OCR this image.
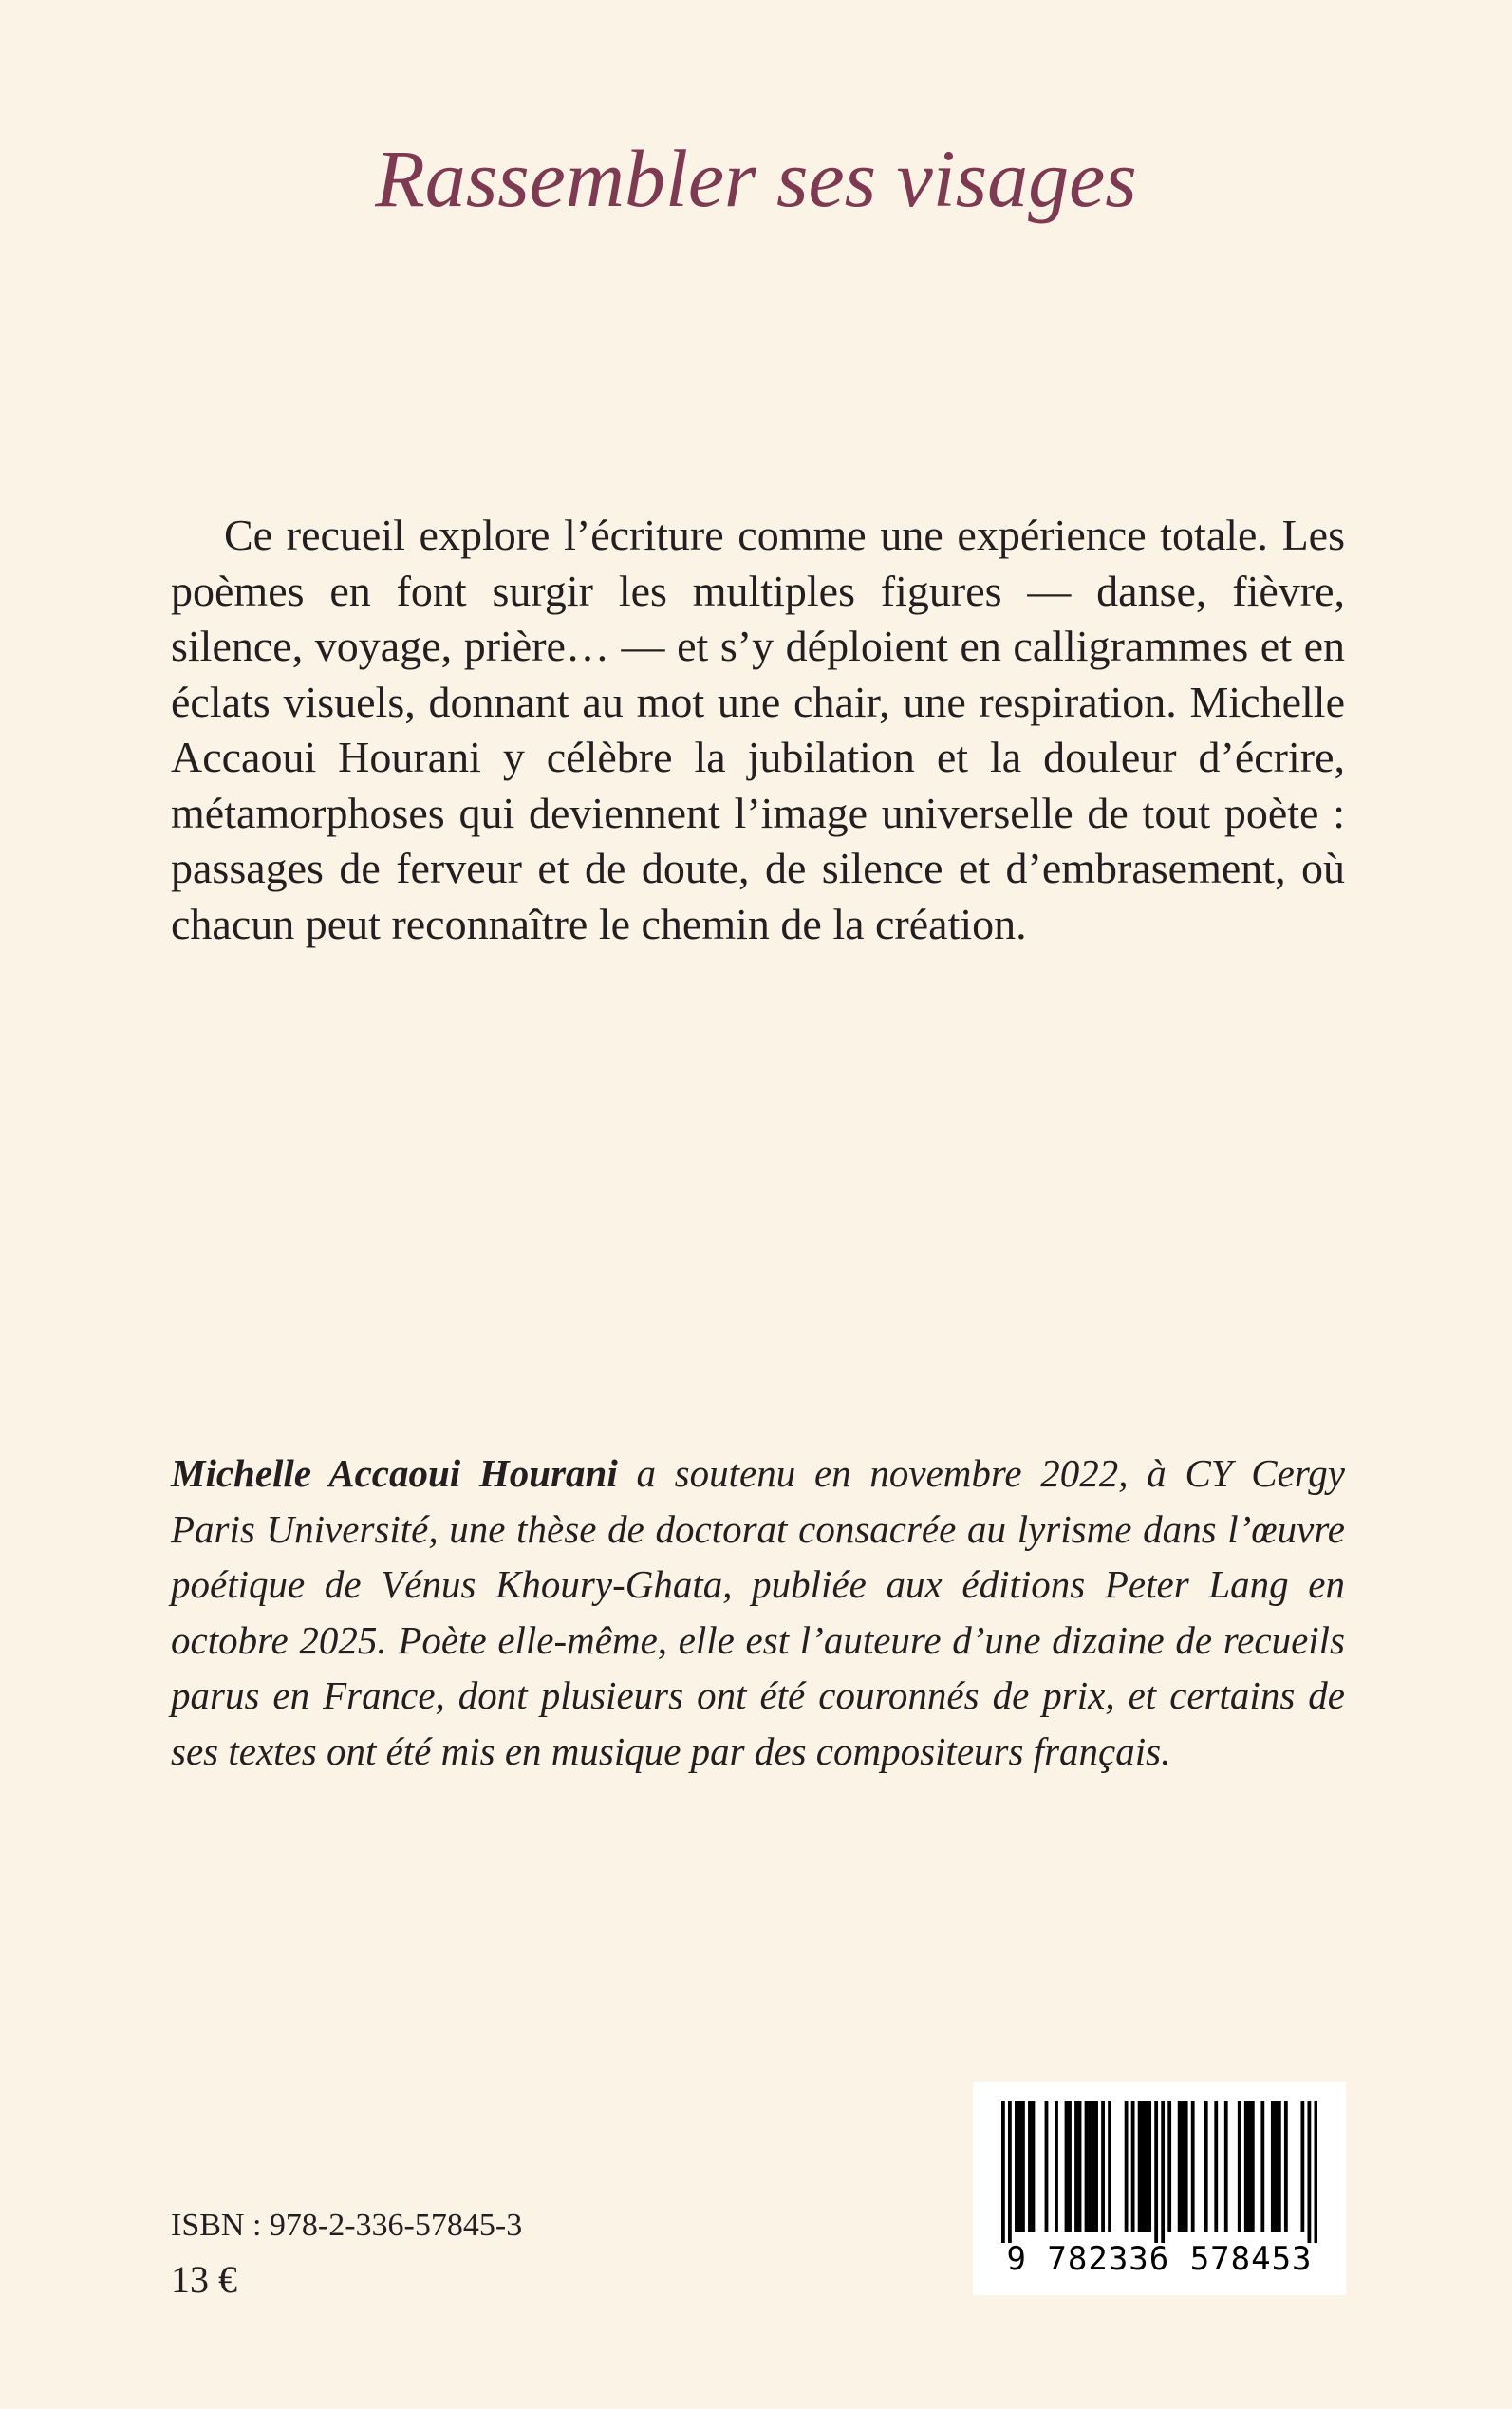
Rassembler ses visages

Ce recueil explore l’écriture comme une expérience totale. Les poèmes en font surgir les multiples figures — danse, fièvre, silence, voyage, prière… — et s’y déploient en calligrammes et en éclats visuels, donnant au mot une chair, une respiration. Michelle Accaoui Hourani y célèbre la jubilation et la douleur d’écrire, métamorphoses qui deviennent l’image universelle de tout poète : passages de ferveur et de doute, de silence et d’embrasement, où chacun peut reconnaître le chemin de la création.

Michelle Accaoui Hourani a soutenu en novembre 2022, à CY Cergy Paris Université, une thèse de doctorat consacrée au lyrisme dans l’œuvre poétique de Vénus Khoury-Ghata, publiée aux éditions Peter Lang en octobre 2025. Poète elle-même, elle est l’auteure d’une dizaine de recueils parus en France, dont plusieurs ont été couronnés de prix, et certains de ses textes ont été mis en musique par des compositeurs français.

ISBN : 978-2-336-57845-3

13 €	9 782336 578453
